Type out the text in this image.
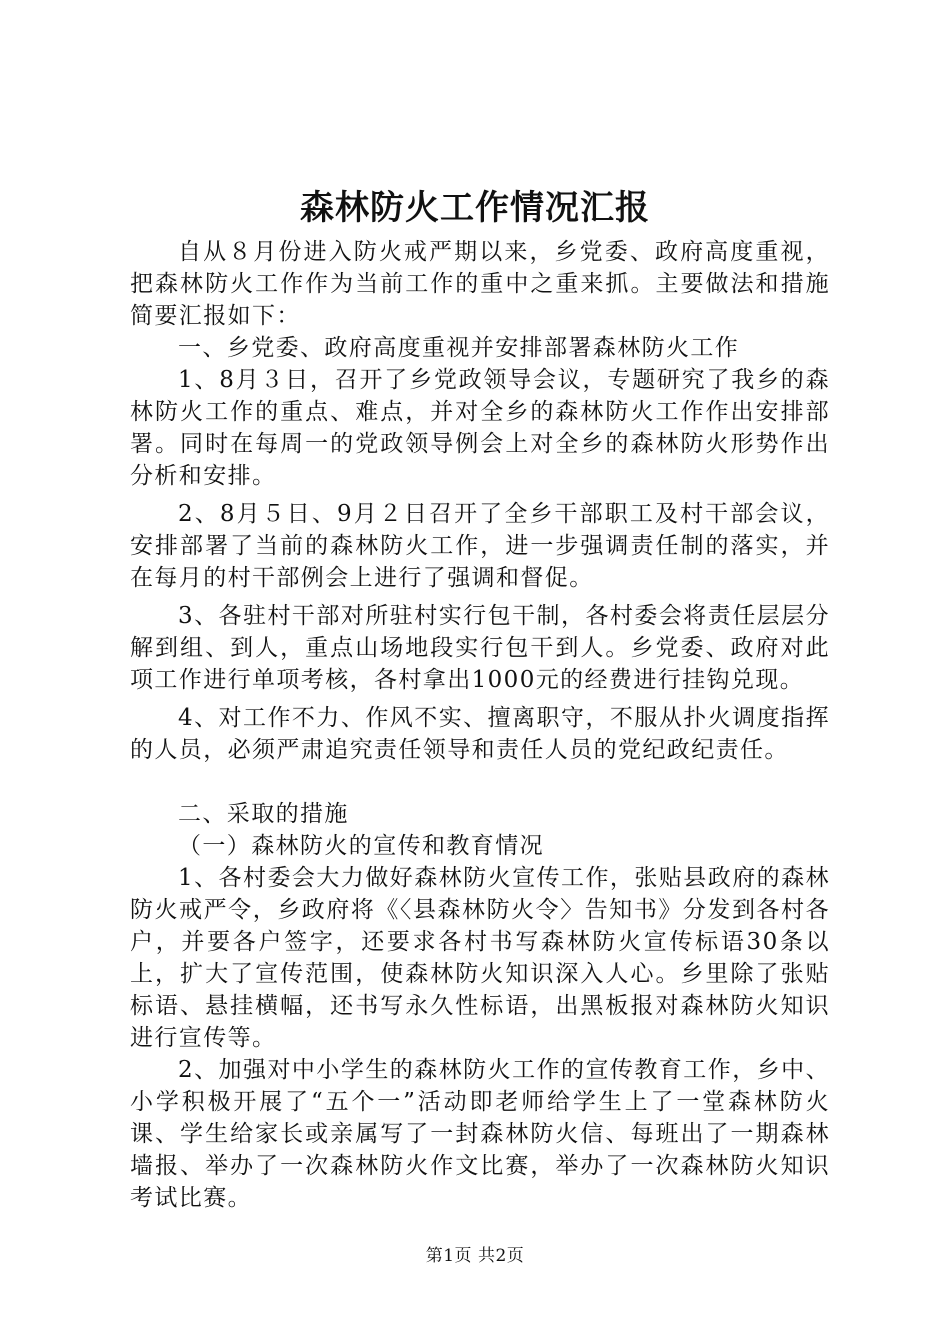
森林防火工作情况汇报

自从８月份进入防火戒严期以来，乡党委、政府高度重视，把森林防火工作作为当前工作的重中之重来抓。主要做法和措施简要汇报如下：

一、乡党委、政府高度重视并安排部署森林防火工作

1、8月３日，召开了乡党政领导会议，专题研究了我乡的森林防火工作的重点、难点，并对全乡的森林防火工作作出安排部署。同时在每周一的党政领导例会上对全乡的森林防火形势作出分析和安排。

2、8月５日、9月２日召开了全乡干部职工及村干部会议，安排部署了当前的森林防火工作，进一步强调责任制的落实，并在每月的村干部例会上进行了强调和督促。

3、各驻村干部对所驻村实行包干制，各村委会将责任层层分解到组、到人，重点山场地段实行包干到人。乡党委、政府对此项工作进行单项考核，各村拿出1000元的经费进行挂钩兑现。

4、对工作不力、作风不实、擅离职守，不服从扑火调度指挥的人员，必须严肃追究责任领导和责任人员的党纪政纪责任。

二、采取的措施

（一）森林防火的宣传和教育情况

1、各村委会大力做好森林防火宣传工作，张贴县政府的森林防火戒严令，乡政府将《〈县森林防火令〉告知书》分发到各村各户，并要各户签字，还要求各村书写森林防火宣传标语30条以上，扩大了宣传范围，使森林防火知识深入人心。乡里除了张贴标语、悬挂横幅，还书写永久性标语，出黑板报对森林防火知识进行宣传等。

2、加强对中小学生的森林防火工作的宣传教育工作，乡中、小学积极开展了“五个一”活动即老师给学生上了一堂森林防火课、学生给家长或亲属写了一封森林防火信、每班出了一期森林墙报、举办了一次森林防火作文比赛，举办了一次森林防火知识考试比赛。

第1页 共2页
